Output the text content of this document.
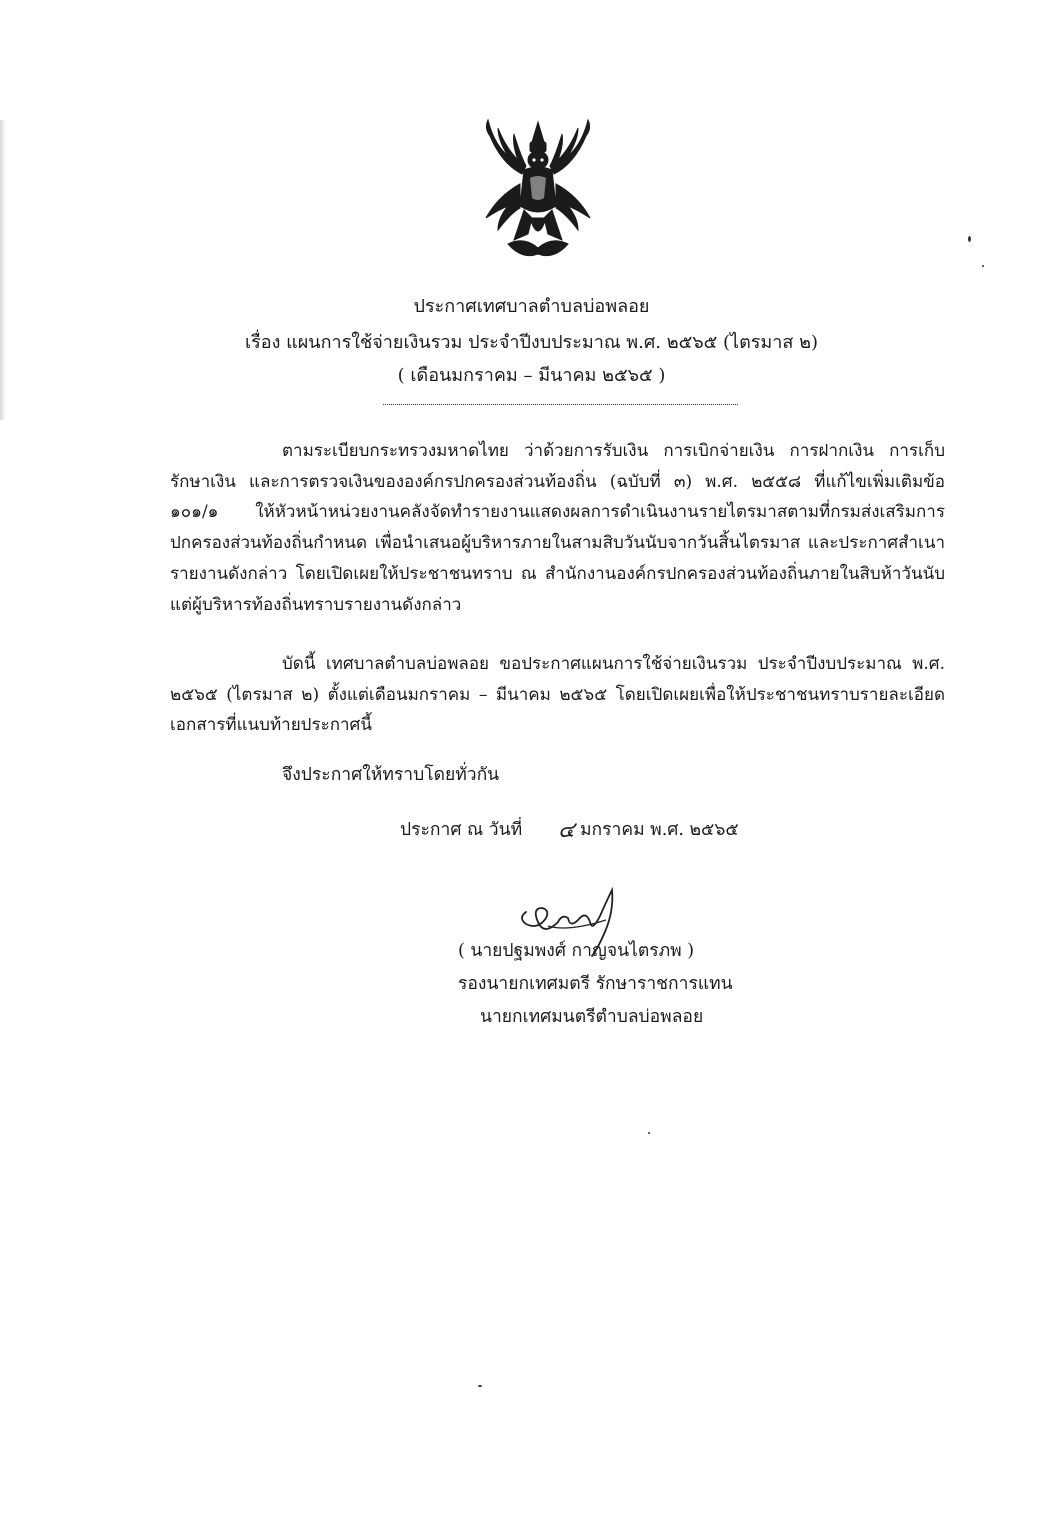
ประกาศเทศบาลตำบลบ่อพลอย
เรื่อง แผนการใช้จ่ายเงินรวม ประจำปีงบประมาณ พ.ศ. ๒๕๖๕ (ไตรมาส ๒)
( เดือนมกราคม – มีนาคม ๒๕๖๕ )

ตามระเบียบกระทรวงมหาดไทย ว่าด้วยการรับเงิน การเบิกจ่ายเงิน การฝากเงิน การเก็บรักษาเงิน และการตรวจเงินขององค์กรปกครองส่วนท้องถิ่น (ฉบับที่ ๓) พ.ศ. ๒๕๕๘ ที่แก้ไขเพิ่มเติมข้อ ๑๐๑/๑ ให้หัวหน้าหน่วยงานคลังจัดทำรายงานแสดงผลการดำเนินงานรายไตรมาสตามที่กรมส่งเสริมการปกครองส่วนท้องถิ่นกำหนด เพื่อนำเสนอผู้บริหารภายในสามสิบวันนับจากวันสิ้นไตรมาส และประกาศสำเนารายงานดังกล่าว โดยเปิดเผยให้ประชาชนทราบ ณ สำนักงานองค์กรปกครองส่วนท้องถิ่นภายในสิบห้าวันนับแต่ผู้บริหารท้องถิ่นทราบรายงานดังกล่าว

บัดนี้ เทศบาลตำบลบ่อพลอย ขอประกาศแผนการใช้จ่ายเงินรวม ประจำปีงบประมาณ พ.ศ. ๒๕๖๕ (ไตรมาส ๒) ตั้งแต่เดือนมกราคม – มีนาคม ๒๕๖๕ โดยเปิดเผยเพื่อให้ประชาชนทราบรายละเอียดเอกสารที่แนบท้ายประกาศนี้

จึงประกาศให้ทราบโดยทั่วกัน
ประกาศ ณ วันที่ ๔ มกราคม พ.ศ. ๒๕๖๕
( นายปฐมพงศ์ กาญจนไตรภพ )
รองนายกเทศมตรี รักษาราชการแทน
นายกเทศมนตรีตำบลบ่อพลอย
